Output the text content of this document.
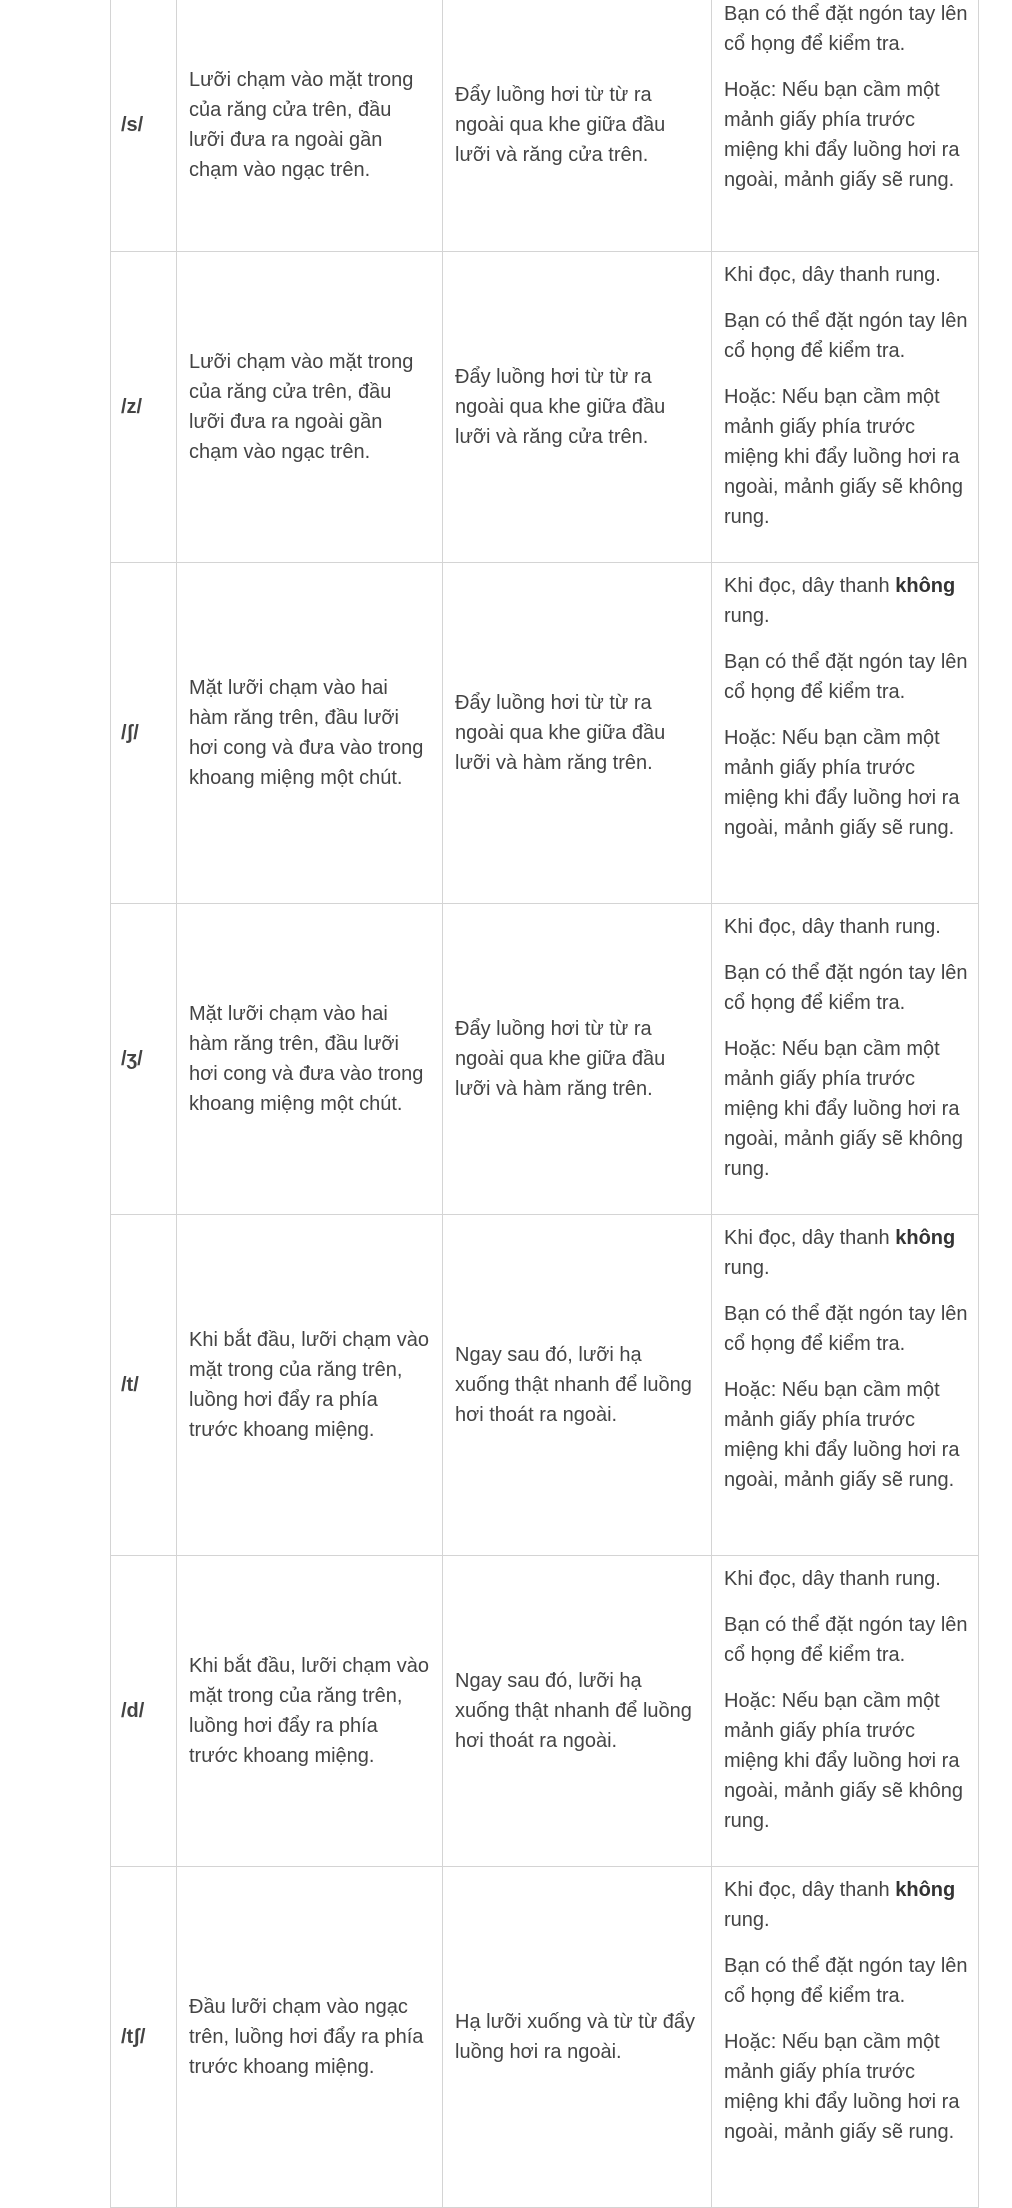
/s/	Lưỡi chạm vào mặt trong của răng cửa trên, đầu lưỡi đưa ra ngoài gần chạm vào ngạc trên.	Đẩy luồng hơi từ từ ra ngoài qua khe giữa đầu lưỡi và răng cửa trên.	Bạn có thể đặt ngón tay lên cổ họng để kiểm tra.

Hoặc: Nếu bạn cầm một mảnh giấy phía trước miệng khi đẩy luồng hơi ra ngoài, mảnh giấy sẽ rung.

/z/	Lưỡi chạm vào mặt trong của răng cửa trên, đầu lưỡi đưa ra ngoài gần chạm vào ngạc trên.	Đẩy luồng hơi từ từ ra ngoài qua khe giữa đầu lưỡi và răng cửa trên.	Khi đọc, dây thanh rung.

Bạn có thể đặt ngón tay lên cổ họng để kiểm tra.

Hoặc: Nếu bạn cầm một mảnh giấy phía trước miệng khi đẩy luồng hơi ra ngoài, mảnh giấy sẽ không rung.

/ʃ/	Mặt lưỡi chạm vào hai hàm răng trên, đầu lưỡi hơi cong và đưa vào trong khoang miệng một chút.	Đẩy luồng hơi từ từ ra ngoài qua khe giữa đầu lưỡi và hàm răng trên.	Khi đọc, dây thanh không rung.

Bạn có thể đặt ngón tay lên cổ họng để kiểm tra.

Hoặc: Nếu bạn cầm một mảnh giấy phía trước miệng khi đẩy luồng hơi ra ngoài, mảnh giấy sẽ rung.

/ʒ/	Mặt lưỡi chạm vào hai hàm răng trên, đầu lưỡi hơi cong và đưa vào trong khoang miệng một chút.	Đẩy luồng hơi từ từ ra ngoài qua khe giữa đầu lưỡi và hàm răng trên.	Khi đọc, dây thanh rung.

Bạn có thể đặt ngón tay lên cổ họng để kiểm tra.

Hoặc: Nếu bạn cầm một mảnh giấy phía trước miệng khi đẩy luồng hơi ra ngoài, mảnh giấy sẽ không rung.

/t/	Khi bắt đầu, lưỡi chạm vào mặt trong của răng trên, luồng hơi đẩy ra phía trước khoang miệng.	Ngay sau đó, lưỡi hạ xuống thật nhanh để luồng hơi thoát ra ngoài.	Khi đọc, dây thanh không rung.

Bạn có thể đặt ngón tay lên cổ họng để kiểm tra.

Hoặc: Nếu bạn cầm một mảnh giấy phía trước miệng khi đẩy luồng hơi ra ngoài, mảnh giấy sẽ rung.

/d/	Khi bắt đầu, lưỡi chạm vào mặt trong của răng trên, luồng hơi đẩy ra phía trước khoang miệng.	Ngay sau đó, lưỡi hạ xuống thật nhanh để luồng hơi thoát ra ngoài.	Khi đọc, dây thanh rung.

Bạn có thể đặt ngón tay lên cổ họng để kiểm tra.

Hoặc: Nếu bạn cầm một mảnh giấy phía trước miệng khi đẩy luồng hơi ra ngoài, mảnh giấy sẽ không rung.

/tʃ/	Đầu lưỡi chạm vào ngạc trên, luồng hơi đẩy ra phía trước khoang miệng.	Hạ lưỡi xuống và từ từ đẩy luồng hơi ra ngoài.	Khi đọc, dây thanh không rung.

Bạn có thể đặt ngón tay lên cổ họng để kiểm tra.

Hoặc: Nếu bạn cầm một mảnh giấy phía trước miệng khi đẩy luồng hơi ra ngoài, mảnh giấy sẽ rung.
